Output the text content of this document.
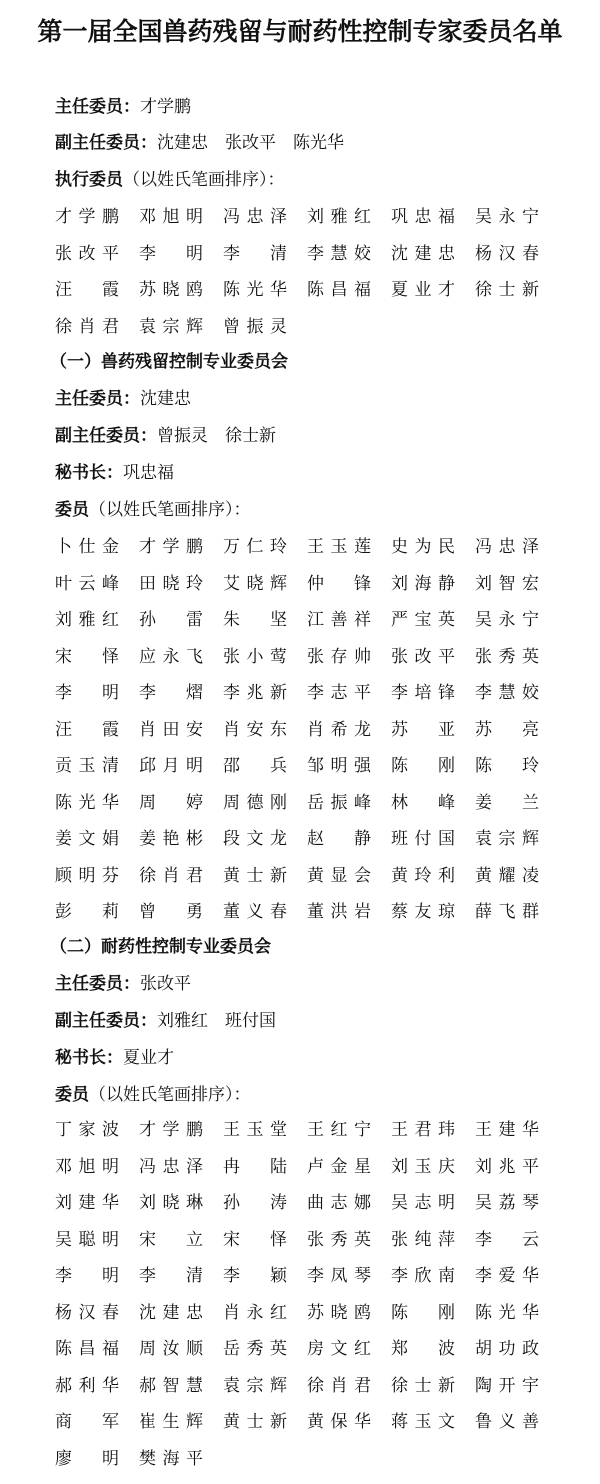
第一届全国兽药残留与耐药性控制专家委员名单
主任委员：才学鹏
副主任委员：沈建忠　张改平　陈光华
执行委员（以姓氏笔画排序）：
（一）兽药残留控制专业委员会
主任委员：沈建忠
副主任委员：曾振灵　徐士新
秘书长：巩忠福
委员（以姓氏笔画排序）：
（二）耐药性控制专业委员会
主任委员：张改平
副主任委员：刘雅红　班付国
秘书长：夏业才
委员（以姓氏笔画排序）：
才学鹏 邓旭明 冯忠泽 刘雅红 巩忠福 吴永宁
张改平 李　明 李　清 李慧姣 沈建忠 杨汉春
汪　霞 苏晓鸥 陈光华 陈昌福 夏业才 徐士新
徐肖君 袁宗辉 曾振灵
卜仕金 才学鹏 万仁玲 王玉莲 史为民 冯忠泽
叶云峰 田晓玲 艾晓辉 仲　锋 刘海静 刘智宏
刘雅红 孙　雷 朱　坚 江善祥 严宝英 吴永宁
宋　怿 应永飞 张小莺 张存帅 张改平 张秀英
李　明 李　熠 李兆新 李志平 李培锋 李慧姣
汪　霞 肖田安 肖安东 肖希龙 苏　亚 苏　亮
贡玉清 邱月明 邵　兵 邹明强 陈　刚 陈　玲
陈光华 周　婷 周德刚 岳振峰 林　峰 姜　兰
姜文娟 姜艳彬 段文龙 赵　静 班付国 袁宗辉
顾明芬 徐肖君 黄士新 黄显会 黄玲利 黄耀凌
彭　莉 曾　勇 董义春 董洪岩 蔡友琼 薛飞群
丁家波 才学鹏 王玉堂 王红宁 王君玮 王建华
邓旭明 冯忠泽 冉　陆 卢金星 刘玉庆 刘兆平
刘建华 刘晓琳 孙　涛 曲志娜 吴志明 吴荔琴
吴聪明 宋　立 宋　怿 张秀英 张纯萍 李　云
李　明 李　清 李　颖 李凤琴 李欣南 李爱华
杨汉春 沈建忠 肖永红 苏晓鸥 陈　刚 陈光华
陈昌福 周汝顺 岳秀英 房文红 郑　波 胡功政
郝利华 郝智慧 袁宗辉 徐肖君 徐士新 陶开宇
商　军 崔生辉 黄士新 黄保华 蒋玉文 鲁义善
廖　明 樊海平
